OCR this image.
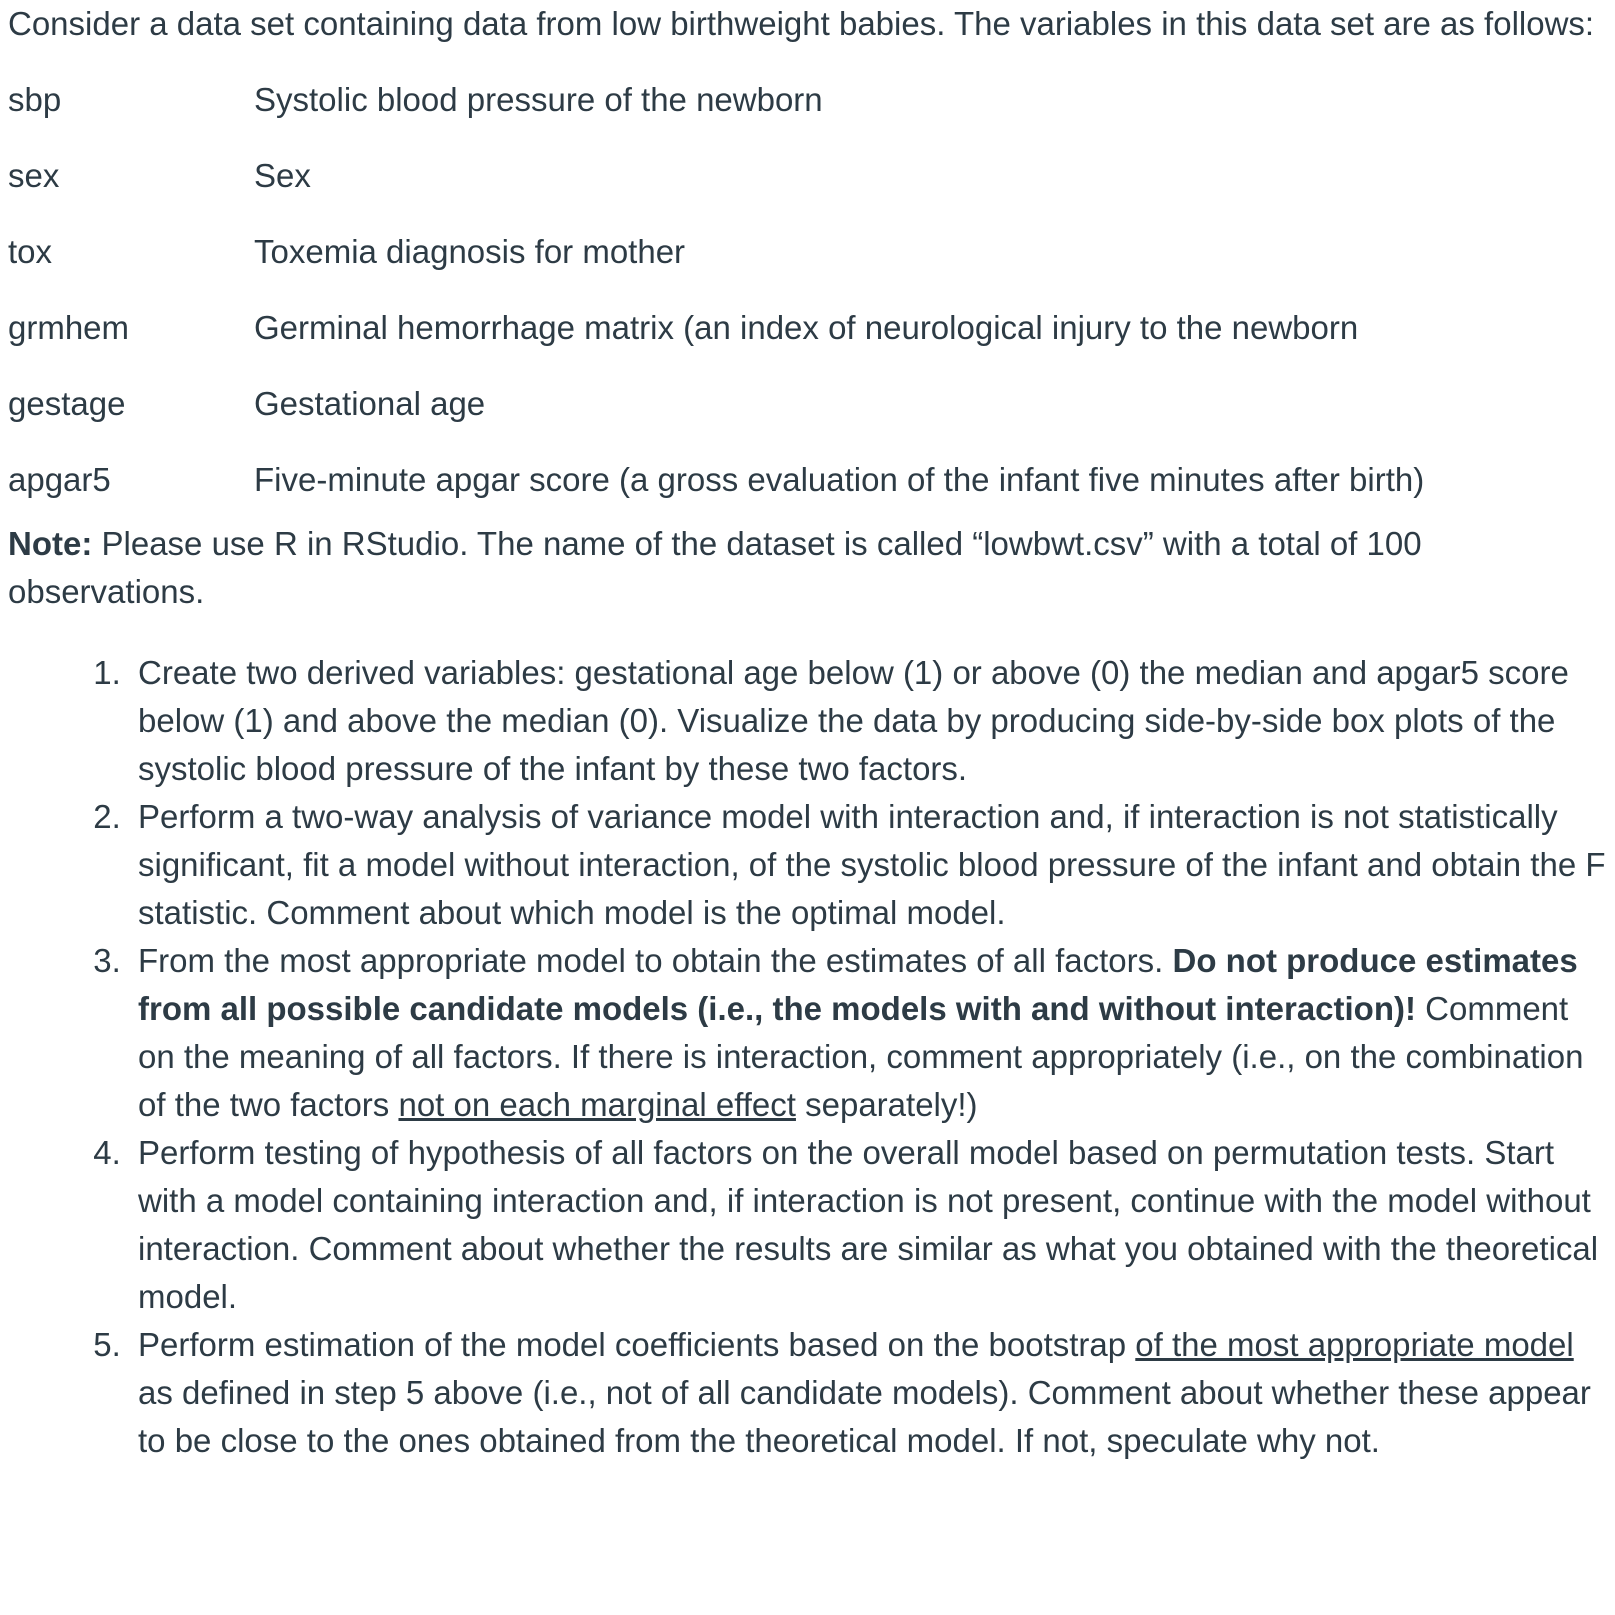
Consider a data set containing data from low birthweight babies. The variables in this data set are as follows:

sbp	Systolic blood pressure of the newborn
sex	Sex
tox	Toxemia diagnosis for mother
grmhem	Germinal hemorrhage matrix (an index of neurological injury to the newborn
gestage	Gestational age
apgar5	Five-minute apgar score (a gross evaluation of the infant five minutes after birth)

Note: Please use R in RStudio. The name of the dataset is called “lowbwt.csv” with a total of 100 observations.

1. Create two derived variables: gestational age below (1) or above (0) the median and apgar5 score below (1) and above the median (0). Visualize the data by producing side-by-side box plots of the systolic blood pressure of the infant by these two factors.
2. Perform a two-way analysis of variance model with interaction and, if interaction is not statistically significant, fit a model without interaction, of the systolic blood pressure of the infant and obtain the F statistic. Comment about which model is the optimal model.
3. From the most appropriate model to obtain the estimates of all factors. Do not produce estimates from all possible candidate models (i.e., the models with and without interaction)! Comment on the meaning of all factors. If there is interaction, comment appropriately (i.e., on the combination of the two factors not on each marginal effect separately!)
4. Perform testing of hypothesis of all factors on the overall model based on permutation tests. Start with a model containing interaction and, if interaction is not present, continue with the model without interaction. Comment about whether the results are similar as what you obtained with the theoretical model.
5. Perform estimation of the model coefficients based on the bootstrap of the most appropriate model as defined in step 5 above (i.e., not of all candidate models). Comment about whether these appear to be close to the ones obtained from the theoretical model. If not, speculate why not.
